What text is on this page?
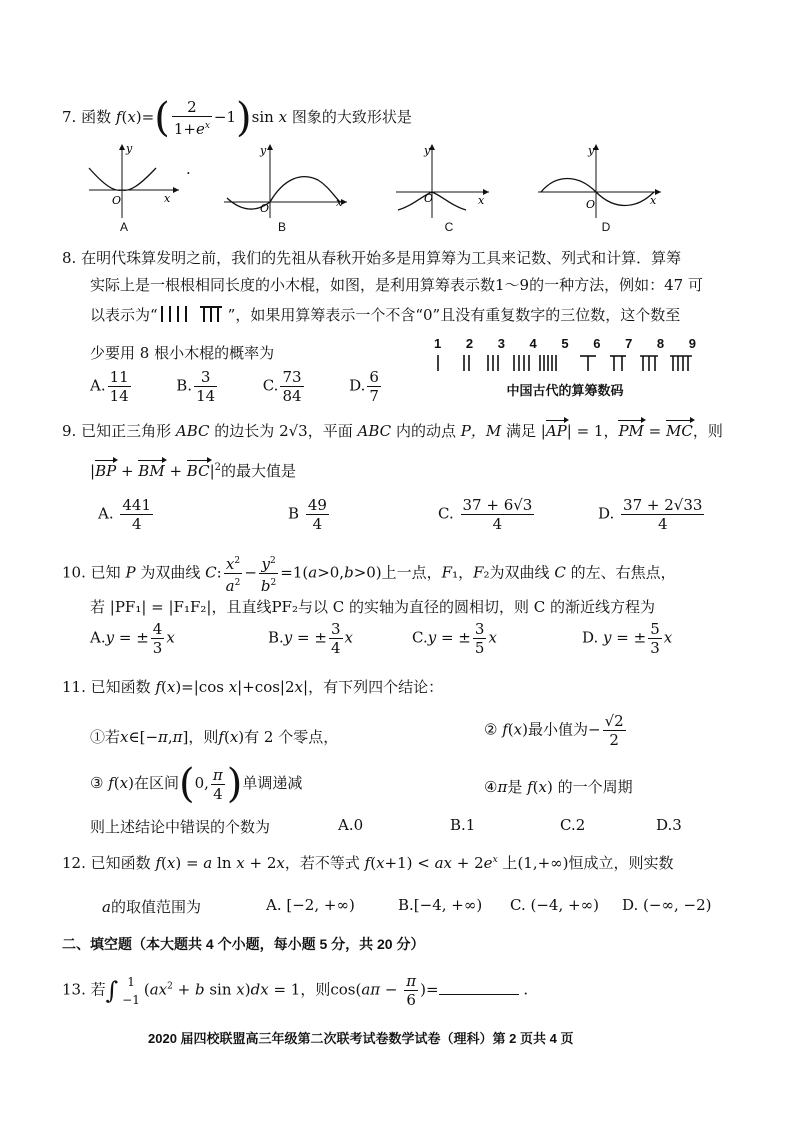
7. 函数 $f(x)=( \frac{2}{1+e^x} -1)\sin$ x 图象的大致形状是
y
x
O
A
.
y
x
O
B
y
x
O
C
y
x
O
D
8. 在明代珠算发明之前，我们的先祖从春秋开始多是用算筹为工具来记数、列式和计算．算筹
实际上是一根根相同长度的小木棍，如图，是利用算筹表示数1～9的一种方法，例如：47 可
以表示为“	”，如果用算筹表示一个不含“0”且没有重复数字的三位数，这个数至
少要用 8 根小木棍的概率为
A. $\frac{11}{14}$	B. $\frac{3}{14}$	C. $\frac{73}{84}$	D. $\frac{6}{7}$
1 2 3 4 5 6 7 8 9
中国古代的算筹数码
9. 已知正三角形 ABC 的边长为 2√3，平面 ABC 内的动点 P，M 满足 |AP| = 1，PM = MC，则
|BP + BM + $BC|^2$的最大值是
A. $\frac{441}{4}$	B $\frac{49}{4}$	C. $\frac{37 + 6√3}{4}$	D. $\frac{37 + 2√33}{4}$
10. 已知 P 为双曲线 C: $\frac{x^2}{a^2} - \frac{y^2}{b^2} =1(a>0,b>0)$上一点，F₁，F₂为双曲线 C 的左、右焦点，
若 |PF₁| = |F₁F₂|，且直线PF₂与以 C 的实轴为直径的圆相切，则 C 的渐近线方程为
A.y = ± $\frac{4}{3}$ x	B.y = ± $\frac{3}{4}$ x	C.y = ± $\frac{3}{5}$ x	D. y = ± $\frac{5}{3}$ x
11. 已知函数 f(x)=|cos x|+cos|2x|，有下列四个结论：
①若x∈[−π,π]，则f(x)有 2 个零点，	② f(x)最小值为− $\frac{√2}{2}$
③ f(x)在区间(0, $\frac{\pi}{4}$ )单调递减	④π是 f(x) 的一个周期
则上述结论中错误的个数为	A.0	B.1	C.2	D.3
12. 已知函数 f(x) = a ln x + 2x，若不等式 f(x+1) < ax + $2e^x$ 上(1,+∞)恒成立，则实数
a的取值范围为	A. [−2, +∞)	B.[−4, +∞) C. (−4, +∞) D. (−∞, −2)
二、填空题（本大题共 4 个小题，每小题 5 分，共 20 分）
13. 若∫ 1
−1
($ax^2 + b$ sin x)dx = 1，则$\cos(a\pi - \frac{\pi}{6}$ )=	.
2020 届四校联盟高三年级第二次联考试卷数学试卷（理科）第 2 页共 4 页
